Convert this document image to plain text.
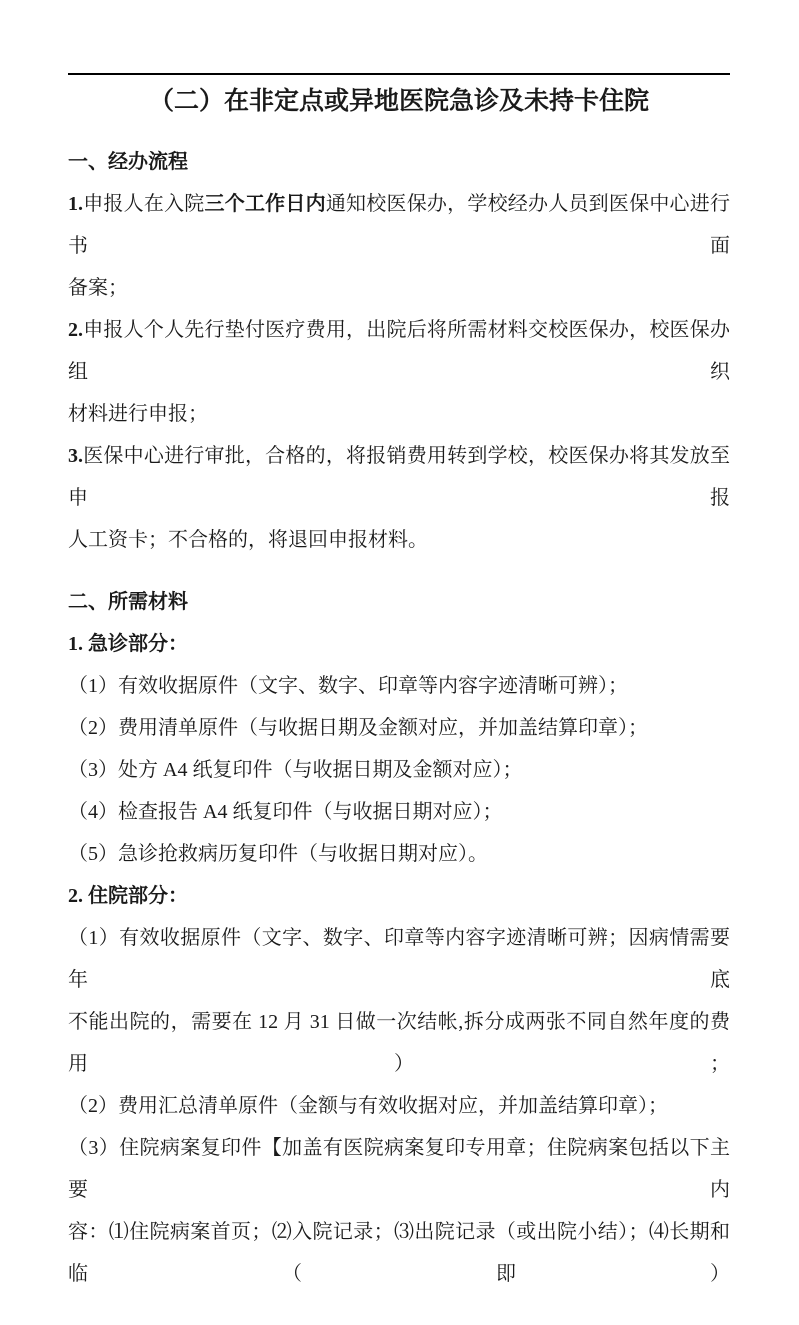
（二）在非定点或异地医院急诊及未持卡住院
一、经办流程

1.申报人在入院三个工作日内通知校医保办，学校经办人员到医保中心进行书面

备案；

2.申报人个人先行垫付医疗费用，出院后将所需材料交校医保办，校医保办组织

材料进行申报；

3.医保中心进行审批，合格的，将报销费用转到学校，校医保办将其发放至申报

人工资卡；不合格的，将退回申报材料。

二、所需材料
1. 急诊部分：

（1）有效收据原件（文字、数字、印章等内容字迹清晰可辨）；

（2）费用清单原件（与收据日期及金额对应，并加盖结算印章）；

（3）处方 A4 纸复印件（与收据日期及金额对应）；

（4）检查报告 A4 纸复印件（与收据日期对应）；

（5）急诊抢救病历复印件（与收据日期对应）。

2. 住院部分：

（1）有效收据原件（文字、数字、印章等内容字迹清晰可辨；因病情需要年底

不能出院的，需要在 12 月 31 日做一次结帐,拆分成两张不同自然年度的费用）；

（2）费用汇总清单原件（金额与有效收据对应，并加盖结算印章）；

（3）住院病案复印件【加盖有医院病案复印专用章；住院病案包括以下主要内

容：⑴住院病案首页；⑵入院记录；⑶出院记录（或出院小结）；⑷长期和临（即）
